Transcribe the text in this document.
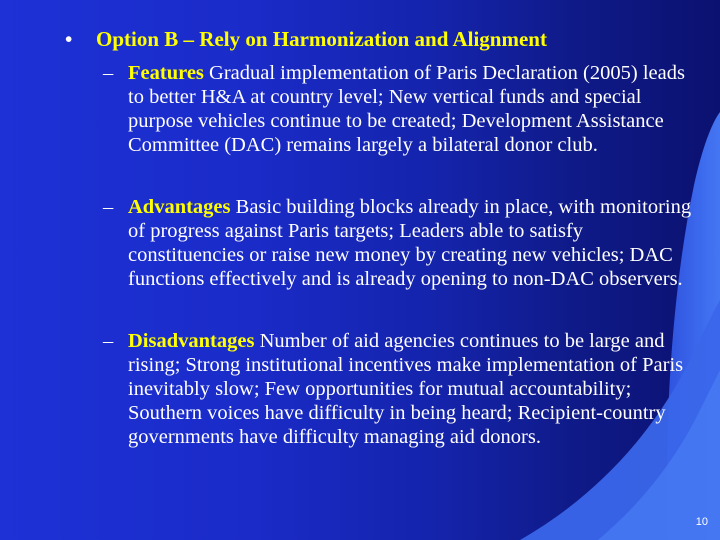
•	Option B – Rely on Harmonization and Alignment
– Features Gradual implementation of Paris Declaration (2005) leads to better H&A at country level; New vertical funds and special purpose vehicles continue to be created; Development Assistance Committee (DAC) remains largely a bilateral donor club.
– Advantages Basic building blocks already in place, with monitoring of progress against Paris targets; Leaders able to satisfy constituencies or raise new money by creating new vehicles; DAC functions effectively and is already opening to non-DAC observers.
– Disadvantages Number of aid agencies continues to be large and rising; Strong institutional incentives make implementation of Paris inevitably slow; Few opportunities for mutual accountability; Southern voices have difficulty in being heard; Recipient-country governments have difficulty managing aid donors.
10
